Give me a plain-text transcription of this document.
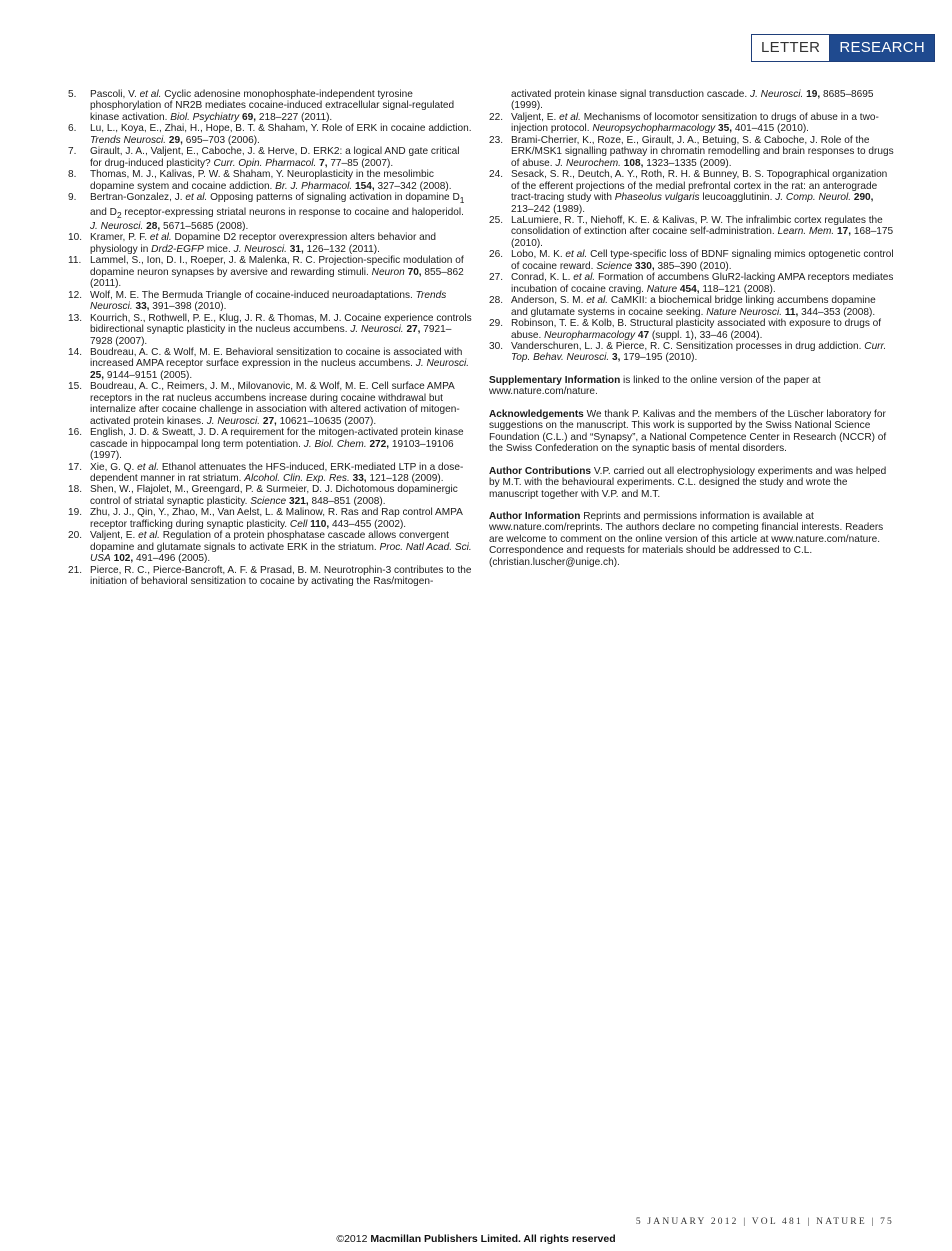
LETTER	RESEARCH
5. Pascoli, V. et al. Cyclic adenosine monophosphate-independent tyrosine phosphorylation of NR2B mediates cocaine-induced extracellular signal-regulated kinase activation. Biol. Psychiatry 69, 218–227 (2011).
6. Lu, L., Koya, E., Zhai, H., Hope, B. T. & Shaham, Y. Role of ERK in cocaine addiction. Trends Neurosci. 29, 695–703 (2006).
7. Girault, J. A., Valjent, E., Caboche, J. & Herve, D. ERK2: a logical AND gate critical for drug-induced plasticity? Curr. Opin. Pharmacol. 7, 77–85 (2007).
8. Thomas, M. J., Kalivas, P. W. & Shaham, Y. Neuroplasticity in the mesolimbic dopamine system and cocaine addiction. Br. J. Pharmacol. 154, 327–342 (2008).
9. Bertran-Gonzalez, J. et al. Opposing patterns of signaling activation in dopamine $D_1$ and $D_2$ receptor-expressing striatal neurons in response to cocaine and haloperidol. J. Neurosci. 28, 5671–5685 (2008).
10. Kramer, P. F. et al. Dopamine D2 receptor overexpression alters behavior and physiology in Drd2-EGFP mice. J. Neurosci. 31, 126–132 (2011).
11. Lammel, S., Ion, D. I., Roeper, J. & Malenka, R. C. Projection-specific modulation of dopamine neuron synapses by aversive and rewarding stimuli. Neuron 70, 855–862 (2011).
12. Wolf, M. E. The Bermuda Triangle of cocaine-induced neuroadaptations. Trends Neurosci. 33, 391–398 (2010).
13. Kourrich, S., Rothwell, P. E., Klug, J. R. & Thomas, M. J. Cocaine experience controls bidirectional synaptic plasticity in the nucleus accumbens. J. Neurosci. 27, 7921–7928 (2007).
14. Boudreau, A. C. & Wolf, M. E. Behavioral sensitization to cocaine is associated with increased AMPA receptor surface expression in the nucleus accumbens. J. Neurosci. 25, 9144–9151 (2005).
15. Boudreau, A. C., Reimers, J. M., Milovanovic, M. & Wolf, M. E. Cell surface AMPA receptors in the rat nucleus accumbens increase during cocaine withdrawal but internalize after cocaine challenge in association with altered activation of mitogen-activated protein kinases. J. Neurosci. 27, 10621–10635 (2007).
16. English, J. D. & Sweatt, J. D. A requirement for the mitogen-activated protein kinase cascade in hippocampal long term potentiation. J. Biol. Chem. 272, 19103–19106 (1997).
17. Xie, G. Q. et al. Ethanol attenuates the HFS-induced, ERK-mediated LTP in a dose-dependent manner in rat striatum. Alcohol. Clin. Exp. Res. 33, 121–128 (2009).
18. Shen, W., Flajolet, M., Greengard, P. & Surmeier, D. J. Dichotomous dopaminergic control of striatal synaptic plasticity. Science 321, 848–851 (2008).
19. Zhu, J. J., Qin, Y., Zhao, M., Van Aelst, L. & Malinow, R. Ras and Rap control AMPA receptor trafficking during synaptic plasticity. Cell 110, 443–455 (2002).
20. Valjent, E. et al. Regulation of a protein phosphatase cascade allows convergent dopamine and glutamate signals to activate ERK in the striatum. Proc. Natl Acad. Sci. USA 102, 491–496 (2005).
21. Pierce, R. C., Pierce-Bancroft, A. F. & Prasad, B. M. Neurotrophin-3 contributes to the initiation of behavioral sensitization to cocaine by activating the Ras/mitogen-
activated protein kinase signal transduction cascade. J. Neurosci. 19, 8685–8695 (1999).
22. Valjent, E. et al. Mechanisms of locomotor sensitization to drugs of abuse in a two-injection protocol. Neuropsychopharmacology 35, 401–415 (2010).
23. Brami-Cherrier, K., Roze, E., Girault, J. A., Betuing, S. & Caboche, J. Role of the ERK/MSK1 signalling pathway in chromatin remodelling and brain responses to drugs of abuse. J. Neurochem. 108, 1323–1335 (2009).
24. Sesack, S. R., Deutch, A. Y., Roth, R. H. & Bunney, B. S. Topographical organization of the efferent projections of the medial prefrontal cortex in the rat: an anterograde tract-tracing study with Phaseolus vulgaris leucoagglutinin. J. Comp. Neurol. 290, 213–242 (1989).
25. LaLumiere, R. T., Niehoff, K. E. & Kalivas, P. W. The infralimbic cortex regulates the consolidation of extinction after cocaine self-administration. Learn. Mem. 17, 168–175 (2010).
26. Lobo, M. K. et al. Cell type-specific loss of BDNF signaling mimics optogenetic control of cocaine reward. Science 330, 385–390 (2010).
27. Conrad, K. L. et al. Formation of accumbens GluR2-lacking AMPA receptors mediates incubation of cocaine craving. Nature 454, 118–121 (2008).
28. Anderson, S. M. et al. CaMKII: a biochemical bridge linking accumbens dopamine and glutamate systems in cocaine seeking. Nature Neurosci. 11, 344–353 (2008).
29. Robinson, T. E. & Kolb, B. Structural plasticity associated with exposure to drugs of abuse. Neuropharmacology 47 (suppl. 1), 33–46 (2004).
30. Vanderschuren, L. J. & Pierce, R. C. Sensitization processes in drug addiction. Curr. Top. Behav. Neurosci. 3, 179–195 (2010).
Supplementary Information is linked to the online version of the paper at www.nature.com/nature.
Acknowledgements We thank P. Kalivas and the members of the Lüscher laboratory for suggestions on the manuscript. This work is supported by the Swiss National Science Foundation (C.L.) and “Synapsy”, a National Competence Center in Research (NCCR) of the Swiss Confederation on the synaptic basis of mental disorders.
Author Contributions V.P. carried out all electrophysiology experiments and was helped by M.T. with the behavioural experiments. C.L. designed the study and wrote the manuscript together with V.P. and M.T.
Author Information Reprints and permissions information is available at www.nature.com/reprints. The authors declare no competing financial interests. Readers are welcome to comment on the online version of this article at www.nature.com/nature. Correspondence and requests for materials should be addressed to C.L. (christian.luscher@unige.ch).
5 JANUARY 2012 | VOL 481 | NATURE | 75
©2012 Macmillan Publishers Limited. All rights reserved
